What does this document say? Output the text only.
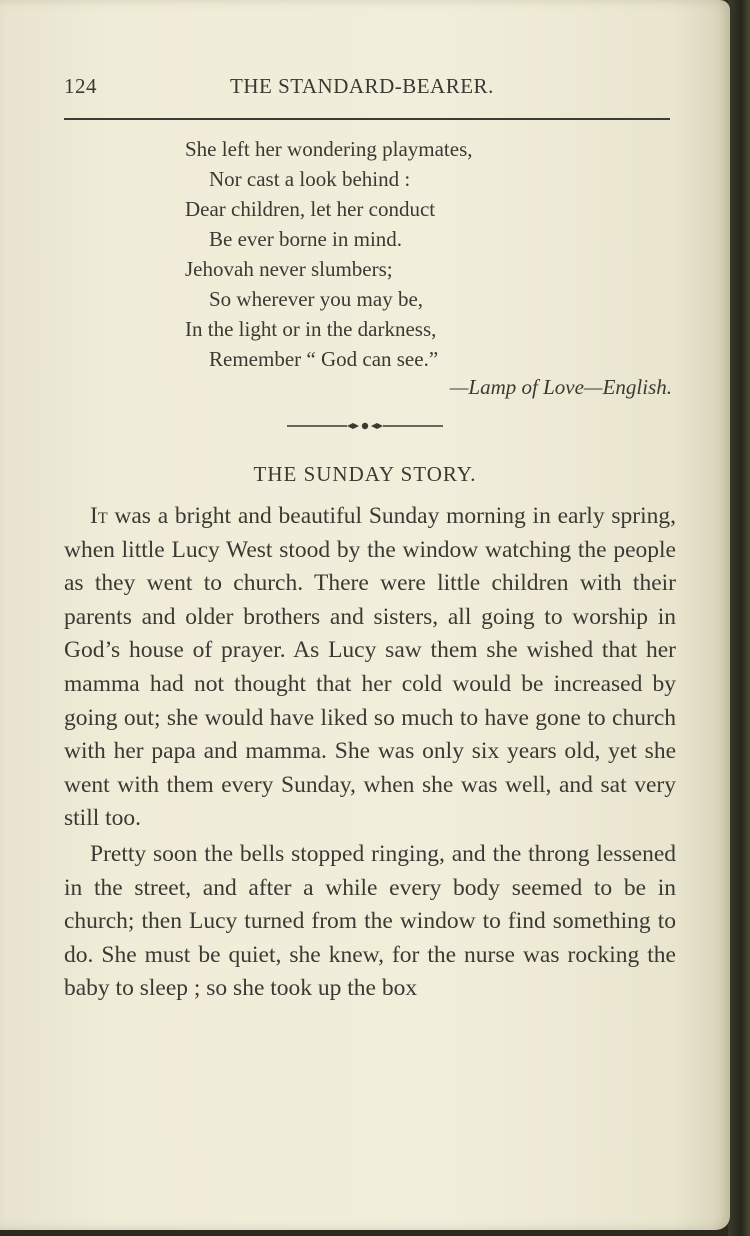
124	THE STANDARD-BEARER.
She left her wondering playmates,
Nor cast a look behind :
Dear children, let her conduct
Be ever borne in mind.
Jehovah never slumbers;
So wherever you may be,
In the light or in the darkness,
Remember “ God can see.”
—Lamp of Love—English.
THE SUNDAY STORY.

It was a bright and beautiful Sunday morning in early spring, when little Lucy West stood by the window watching the people as they went to church. There were little children with their parents and older brothers and sisters, all going to worship in God’s house of prayer. As Lucy saw them she wished that her mamma had not thought that her cold would be increased by going out; she would have liked so much to have gone to church with her papa and mamma. She was only six years old, yet she went with them every Sunday, when she was well, and sat very still too.

Pretty soon the bells stopped ringing, and the throng lessened in the street, and after a while every body seemed to be in church; then Lucy turned from the window to find something to do. She must be quiet, she knew, for the nurse was rocking the baby to sleep ; so she took up the box
